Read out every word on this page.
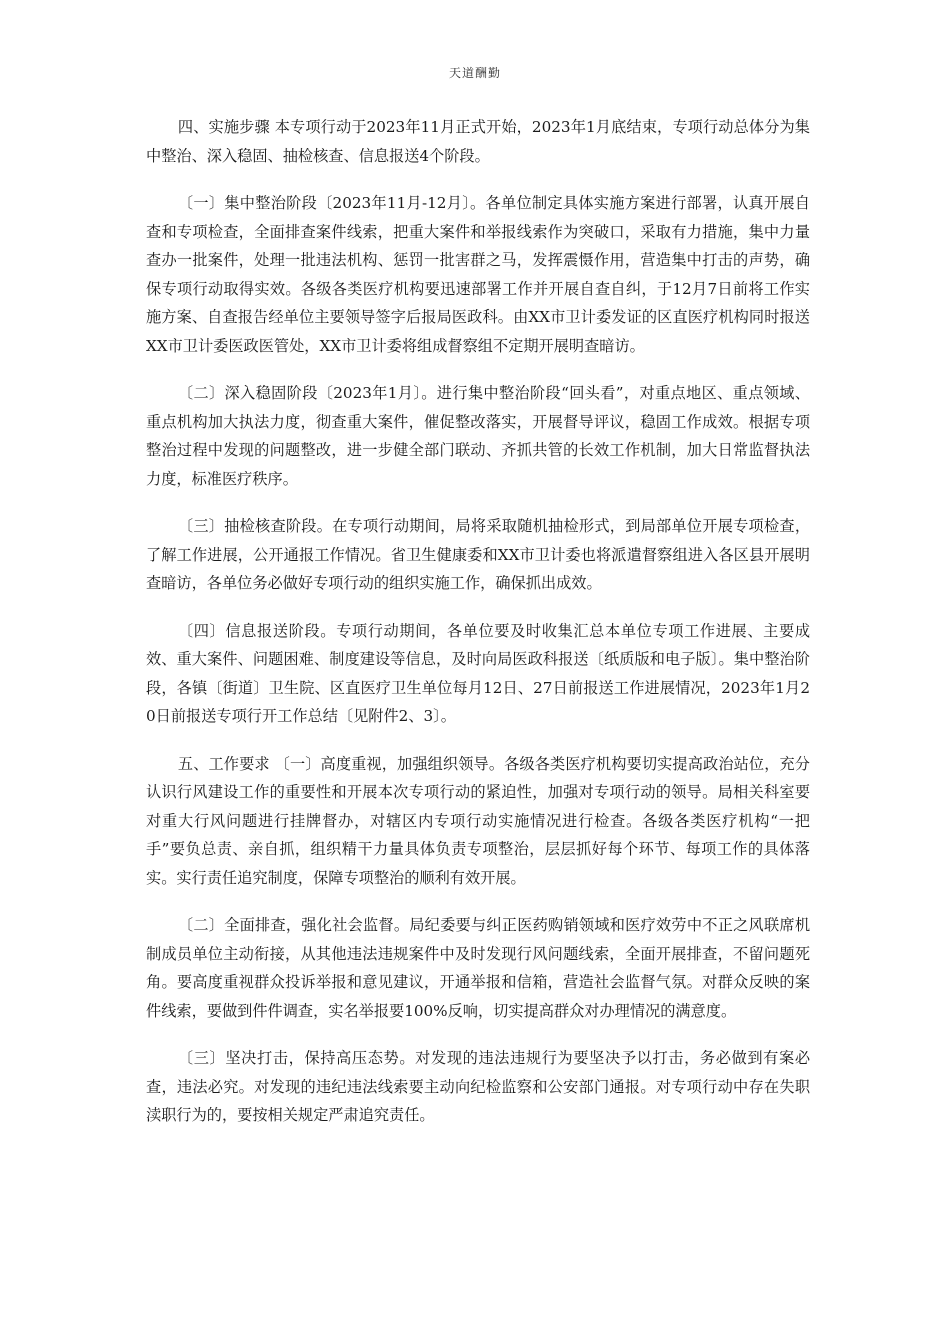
天道酬勤

四、实施步骤 本专项行动于2023年11月正式开始，2023年1月底结束，专项行动总体分为集中整治、深入稳固、抽检核查、信息报送4个阶段。

〔一〕集中整治阶段〔2023年11月-12月〕。各单位制定具体实施方案进行部署，认真开展自查和专项检查，全面排查案件线索，把重大案件和举报线索作为突破口，采取有力措施，集中力量查办一批案件，处理一批违法机构、惩罚一批害群之马，发挥震慑作用，营造集中打击的声势，确保专项行动取得实效。各级各类医疗机构要迅速部署工作并开展自查自纠，于12月7日前将工作实施方案、自查报告经单位主要领导签字后报局医政科。由XX市卫计委发证的区直医疗机构同时报送XX市卫计委医政医管处，XX市卫计委将组成督察组不定期开展明查暗访。

〔二〕深入稳固阶段〔2023年1月〕。进行集中整治阶段“回头看”，对重点地区、重点领域、重点机构加大执法力度，彻查重大案件，催促整改落实，开展督导评议，稳固工作成效。根据专项整治过程中发现的问题整改，进一步健全部门联动、齐抓共管的长效工作机制，加大日常监督执法力度，标准医疗秩序。

〔三〕抽检核查阶段。在专项行动期间，局将采取随机抽检形式，到局部单位开展专项检查，了解工作进展，公开通报工作情况。省卫生健康委和XX市卫计委也将派遣督察组进入各区县开展明查暗访，各单位务必做好专项行动的组织实施工作，确保抓出成效。

〔四〕信息报送阶段。专项行动期间，各单位要及时收集汇总本单位专项工作进展、主要成效、重大案件、问题困难、制度建设等信息，及时向局医政科报送〔纸质版和电子版〕。集中整治阶段，各镇〔街道〕卫生院、区直医疗卫生单位每月12日、27日前报送工作进展情况，2023年1月20日前报送专项行开工作总结〔见附件2、3〕。

五、工作要求 〔一〕高度重视，加强组织领导。各级各类医疗机构要切实提高政治站位，充分认识行风建设工作的重要性和开展本次专项行动的紧迫性，加强对专项行动的领导。局相关科室要对重大行风问题进行挂牌督办，对辖区内专项行动实施情况进行检查。各级各类医疗机构“一把手”要负总责、亲自抓，组织精干力量具体负责专项整治，层层抓好每个环节、每项工作的具体落实。实行责任追究制度，保障专项整治的顺利有效开展。

〔二〕全面排查，强化社会监督。局纪委要与纠正医药购销领域和医疗效劳中不正之风联席机制成员单位主动衔接，从其他违法违规案件中及时发现行风问题线索，全面开展排查，不留问题死角。要高度重视群众投诉举报和意见建议，开通举报和信箱，营造社会监督气氛。对群众反映的案件线索，要做到件件调查，实名举报要100%反响，切实提高群众对办理情况的满意度。

〔三〕坚决打击，保持高压态势。对发现的违法违规行为要坚决予以打击，务必做到有案必查，违法必究。对发现的违纪违法线索要主动向纪检监察和公安部门通报。对专项行动中存在失职渎职行为的，要按相关规定严肃追究责任。
